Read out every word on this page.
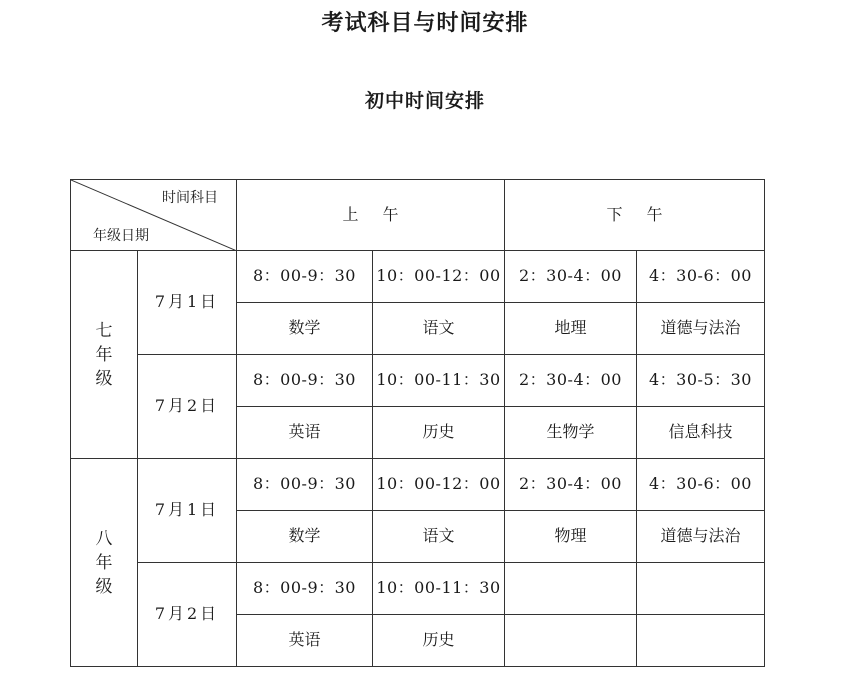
考试科目与时间安排
初中时间安排
时间科目
年级日期		上午		下午	
七年级	7月1日	8：00-9：30	10：00-12：00	2：30-4：00	4：30-6：00
		数学	语文	地理	道德与法治
	7月2日	8：00-9：30	10：00-11：30	2：30-4：00	4：30-5：30
		英语	历史	生物学	信息科技
八年级	7月1日	8：00-9：30	10：00-12：00	2：30-4：00	4：30-6：00
		数学	语文	物理	道德与法治
	7月2日	8：00-9：30	10：00-11：30		
		英语	历史		
